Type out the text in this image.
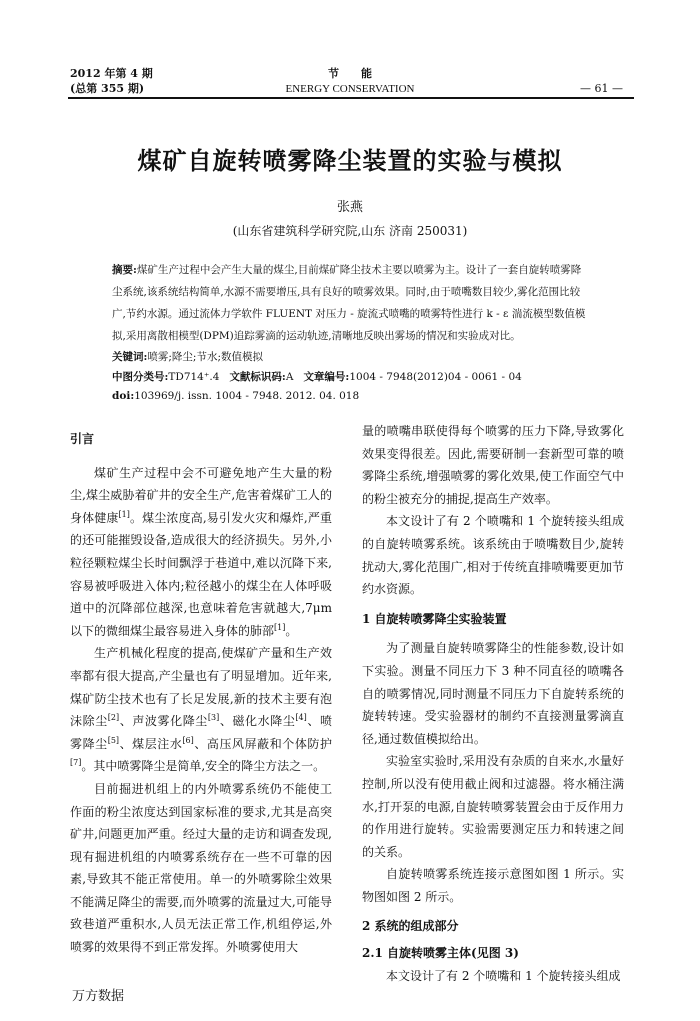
2012 年第 4 期
(总第 355 期)
节　　能
ENERGY CONSERVATION	— 61 —
煤矿自旋转喷雾降尘装置的实验与模拟
张燕
(山东省建筑科学研究院,山东 济南 250031)
摘要:煤矿生产过程中会产生大量的煤尘,目前煤矿降尘技术主要以喷雾为主。设计了一套自旋转喷雾降尘系统,该系统结构简单,水源不需要增压,具有良好的喷雾效果。同时,由于喷嘴数目较少,雾化范围比较广,节约水源。通过流体力学软件 FLUENT 对压力 - 旋流式喷嘴的喷雾特性进行 k - ε 湍流模型数值模拟,采用离散相模型(DPM)追踪雾滴的运动轨迹,清晰地反映出雾场的情况和实验成对比。
关键词:喷雾;降尘;节水;数值模拟
中图分类号:TD714⁺.4 文献标识码:A 文章编号:1004 - 7948(2012)04 - 0061 - 04
doi:103969/j. issn. 1004 - 7948. 2012. 04. 018
引言

煤矿生产过程中会不可避免地产生大量的粉尘,煤尘威胁着矿井的安全生产,危害着煤矿工人的身体健康[1]。煤尘浓度高,易引发火灾和爆炸,严重的还可能摧毁设备,造成很大的经济损失。另外,小粒径颗粒煤尘长时间飘浮于巷道中,难以沉降下来,容易被呼吸进入体内;粒径越小的煤尘在人体呼吸道中的沉降部位越深,也意味着危害就越大,7μm 以下的微细煤尘最容易进入身体的肺部[1]。

生产机械化程度的提高,使煤矿产量和生产效率都有很大提高,产尘量也有了明显增加。近年来,煤矿防尘技术也有了长足发展,新的技术主要有泡沫除尘[2]、声波雾化降尘[3]、磁化水降尘[4]、喷雾降尘[5]、煤层注水[6]、高压风屏蔽和个体防护[7]。其中喷雾降尘是简单,安全的降尘方法之一。

目前掘进机组上的内外喷雾系统仍不能使工作面的粉尘浓度达到国家标准的要求,尤其是高突矿井,问题更加严重。经过大量的走访和调查发现,现有掘进机组的内喷雾系统存在一些不可靠的因素,导致其不能正常使用。单一的外喷雾除尘效果不能满足降尘的需要,而外喷雾的流量过大,可能导致巷道严重积水,人员无法正常工作,机组停运,外喷雾的效果得不到正常发挥。外喷雾使用大

量的喷嘴串联使得每个喷雾的压力下降,导致雾化效果变得很差。因此,需要研制一套新型可靠的喷雾降尘系统,增强喷雾的雾化效果,使工作面空气中的粉尘被充分的捕捉,提高生产效率。

本文设计了有 2 个喷嘴和 1 个旋转接头组成的自旋转喷雾系统。该系统由于喷嘴数目少,旋转扰动大,雾化范围广,相对于传统直排喷嘴要更加节约水资源。

1 自旋转喷雾降尘实验装置

为了测量自旋转喷雾降尘的性能参数,设计如下实验。测量不同压力下 3 种不同直径的喷嘴各自的喷雾情况,同时测量不同压力下自旋转系统的旋转转速。受实验器材的制约不直接测量雾滴直径,通过数值模拟给出。

实验室实验时,采用没有杂质的自来水,水量好控制,所以没有使用截止阀和过滤器。将水桶注满水,打开泵的电源,自旋转喷雾装置会由于反作用力的作用进行旋转。实验需要测定压力和转速之间的关系。

自旋转喷雾系统连接示意图如图 1 所示。实物图如图 2 所示。

2 系统的组成部分
2.1 自旋转喷雾主体(见图 3)

本文设计了有 2 个喷嘴和 1 个旋转接头组成

万方数据
